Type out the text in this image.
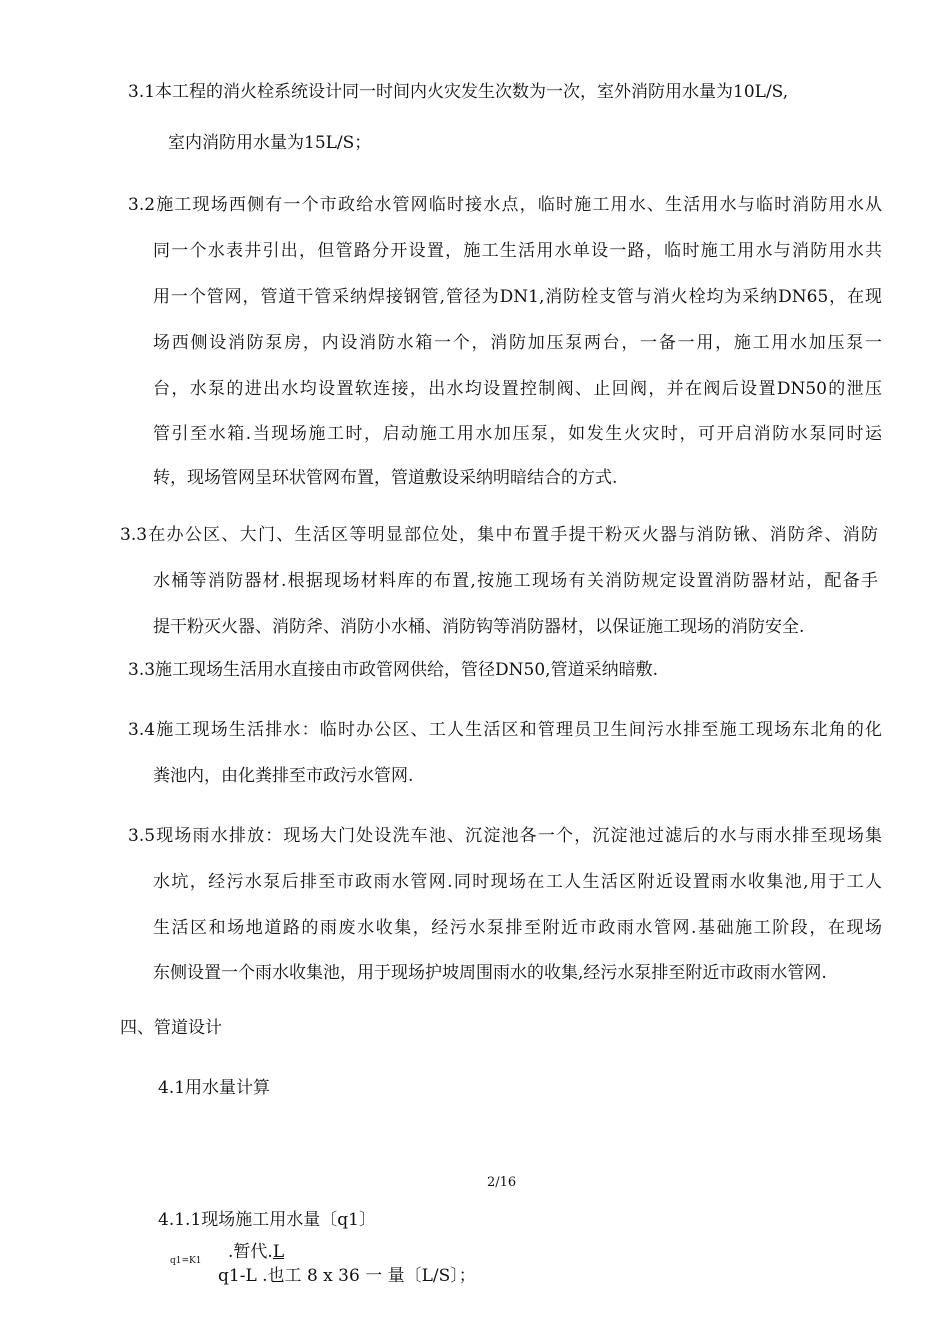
3.1本工程的消火栓系统设计同一时间内火灾发生次数为一次，室外消防用水量为10L/S,
室内消防用水量为15L/S；
3.2施工现场西侧有一个市政给水管网临时接水点，临时施工用水、生活用水与临时消防用水从
同一个水表井引出，但管路分开设置，施工生活用水单设一路，临时施工用水与消防用水共
用一个管网，管道干管采纳焊接钢管,管径为DN1,消防栓支管与消火栓均为采纳DN65，在现
场西侧设消防泵房，内设消防水箱一个，消防加压泵两台，一备一用，施工用水加压泵一
台，水泵的进出水均设置软连接，出水均设置控制阀、止回阀，并在阀后设置DN50的泄压
管引至水箱.当现场施工时，启动施工用水加压泵，如发生火灾时，可开启消防水泵同时运
转，现场管网呈环状管网布置，管道敷设采纳明暗结合的方式.
3.3在办公区、大门、生活区等明显部位处，集中布置手提干粉灭火器与消防锹、消防斧、消防
水桶等消防器材.根据现场材料库的布置,按施工现场有关消防规定设置消防器材站，配备手
提干粉灭火器、消防斧、消防小水桶、消防钩等消防器材，以保证施工现场的消防安全.
3.3施工现场生活用水直接由市政管网供给，管径DN50,管道采纳暗敷.
3.4施工现场生活排水：临时办公区、工人生活区和管理员卫生间污水排至施工现场东北角的化
粪池内，由化粪排至市政污水管网.
3.5现场雨水排放：现场大门处设洗车池、沉淀池各一个，沉淀池过滤后的水与雨水排至现场集
水坑，经污水泵后排至市政雨水管网.同时现场在工人生活区附近设置雨水收集池,用于工人
生活区和场地道路的雨废水收集，经污水泵排至附近市政雨水管网.基础施工阶段，在现场
东侧设置一个雨水收集池，用于现场护坡周围雨水的收集,经污水泵排至附近市政雨水管网.
四、管道设计
4.1用水量计算
2/16
4.1.1现场施工用水量〔q1〕
q1=K1 .暂代.L
q1-L .也工 8 x 36 一 量〔L/S〕；
